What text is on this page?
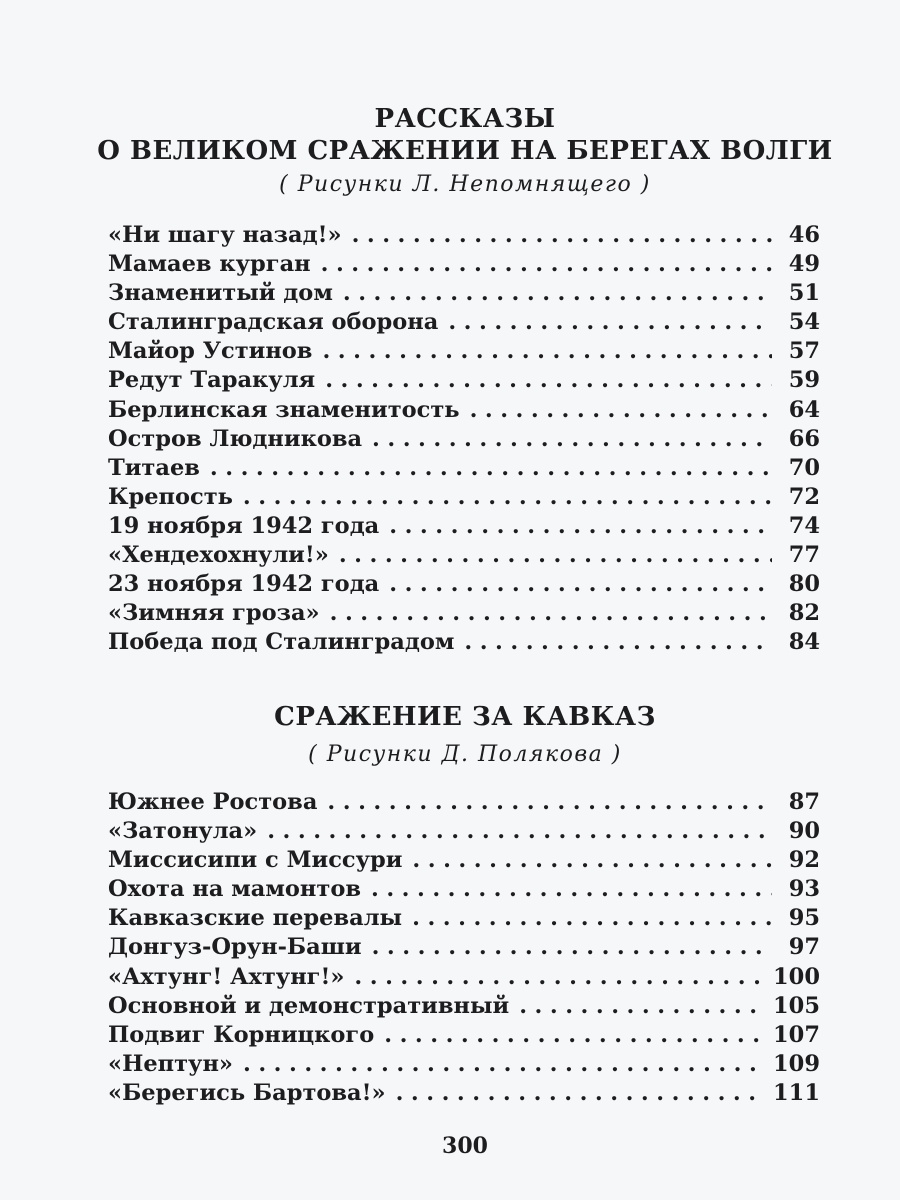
РАССКАЗЫ
О ВЕЛИКОМ СРАЖЕНИИ НА БЕРЕГАХ ВОЛГИ
( Рисунки Л. Непомнящего )
«Ни шагу назад!» .....	46
Мамаев курган .....	49
Знаменитый дом .....	51
Сталинградская оборона .....	54
Майор Устинов .....	57
Редут Таракуля .....	59
Берлинская знаменитость .....	64
Остров Людникова .....	66
Титаев .....	70
Крепость .....	72
19 ноября 1942 года .....	74
«Хендехохнули!» .....	77
23 ноября 1942 года .....	80
«Зимняя гроза» .....	82
Победа под Сталинградом .....	84
СРАЖЕНИЕ ЗА КАВКАЗ
( Рисунки Д. Полякова )
Южнее Ростова .....	87
«Затонула» .....	90
Миссисипи с Миссури .....	92
Охота на мамонтов .....	93
Кавказские перевалы .....	95
Донгуз-Орун-Баши .....	97
«Ахтунг! Ахтунг!» .....	100
Основной и демонстративный .....	105
Подвиг Корницкого .....	107
«Нептун» .....	109
«Берегись Бартова!» .....	111
300
